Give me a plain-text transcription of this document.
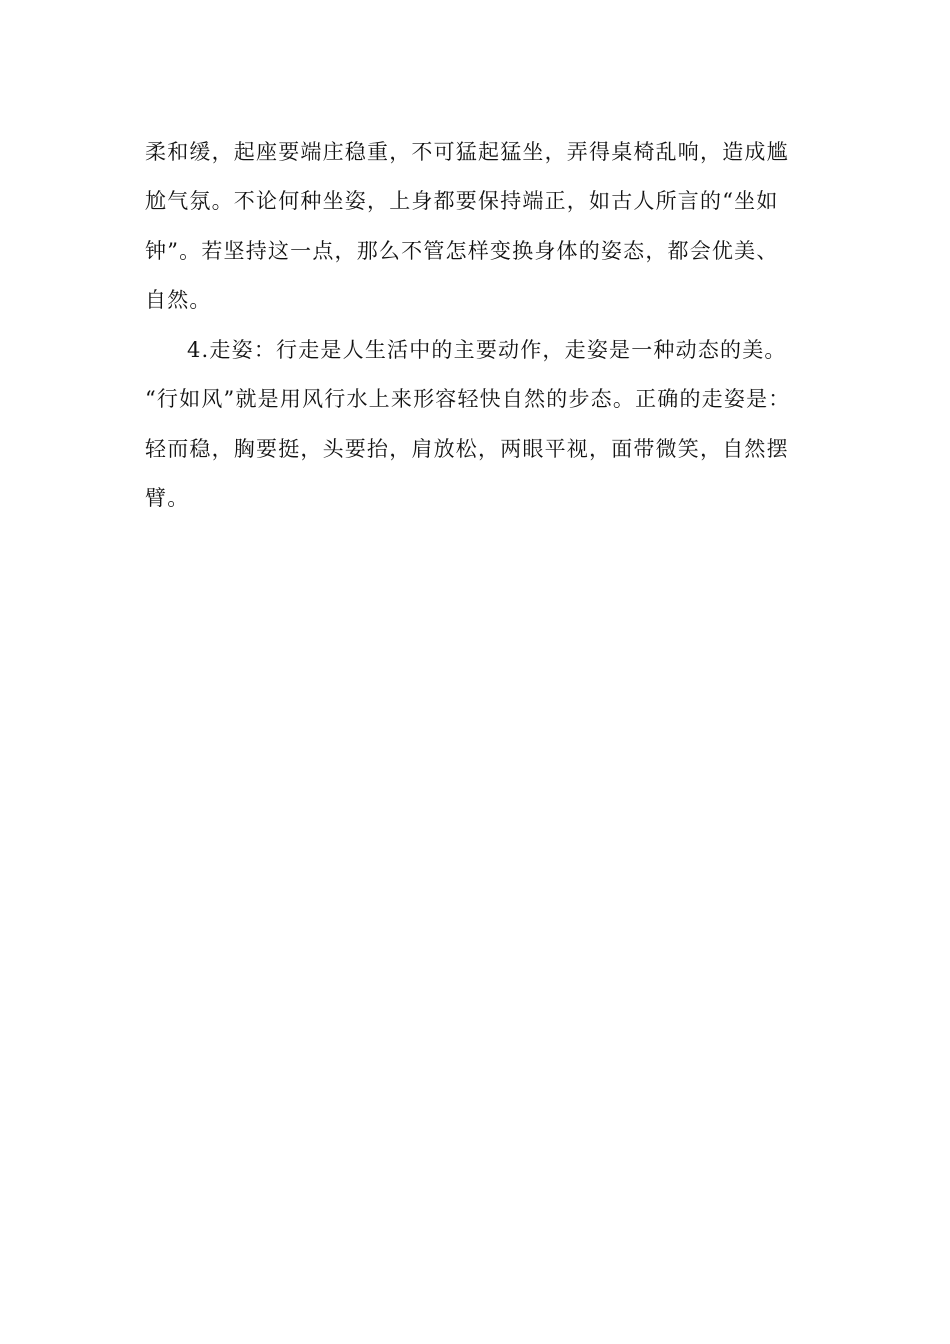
柔和缓，起座要端庄稳重，不可猛起猛坐，弄得桌椅乱响，造成尴
尬气氛。不论何种坐姿，上身都要保持端正，如古人所言的“坐如
钟”。若坚持这一点，那么不管怎样变换身体的姿态，都会优美、
自然。
4.走姿：行走是人生活中的主要动作，走姿是一种动态的美。
“行如风”就是用风行水上来形容轻快自然的步态。正确的走姿是：
轻而稳，胸要挺，头要抬，肩放松，两眼平视，面带微笑，自然摆
臂。
